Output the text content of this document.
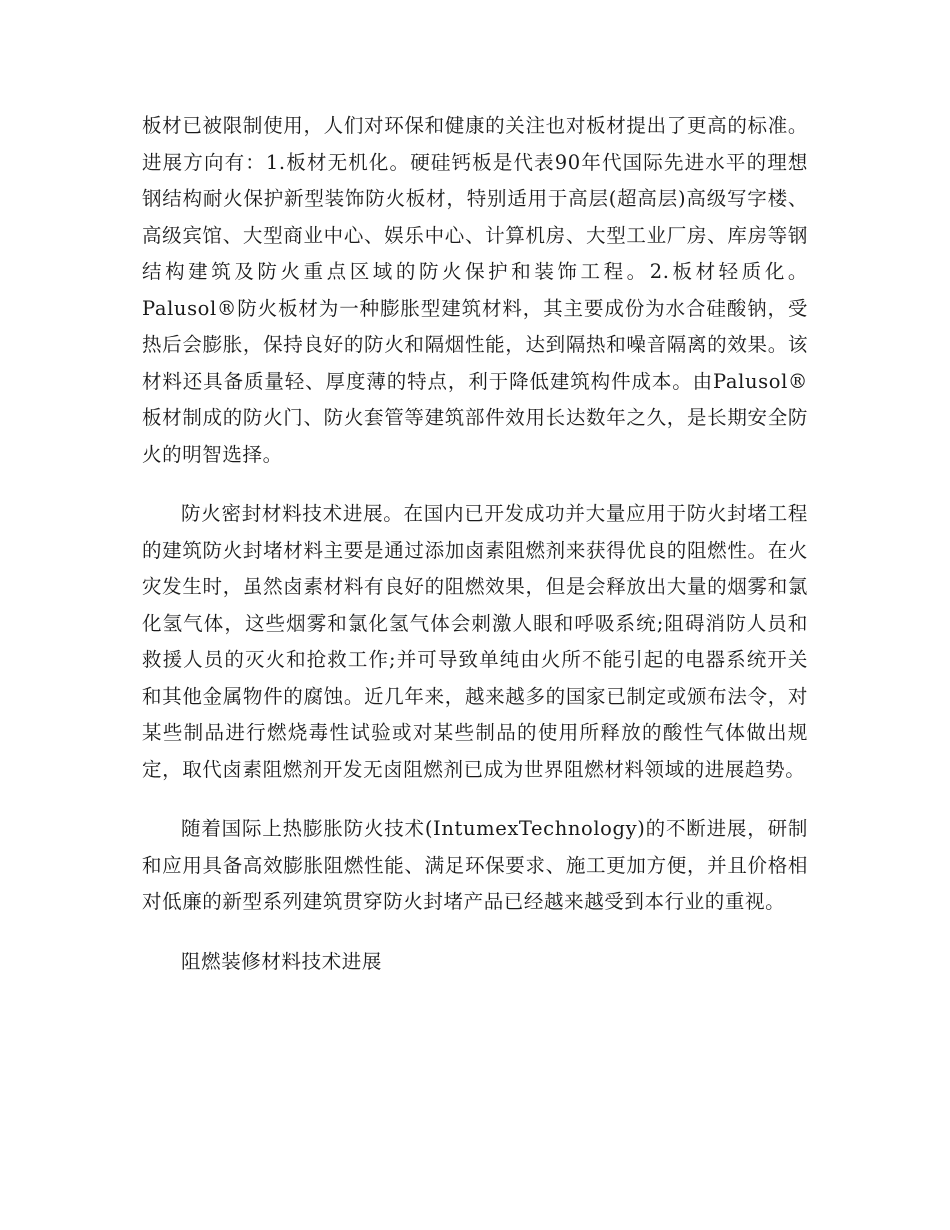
板材已被限制使用，人们对环保和健康的关注也对板材提出了更高的标准。进展方向有：1.板材无机化。硬硅钙板是代表90年代国际先进水平的理想钢结构耐火保护新型装饰防火板材，特别适用于高层(超高层)高级写字楼、高级宾馆、大型商业中心、娱乐中心、计算机房、大型工业厂房、库房等钢结构建筑及防火重点区域的防火保护和装饰工程。2.板材轻质化。Palusol®防火板材为一种膨胀型建筑材料，其主要成份为水合硅酸钠，受热后会膨胀，保持良好的防火和隔烟性能，达到隔热和噪音隔离的效果。该材料还具备质量轻、厚度薄的特点，利于降低建筑构件成本。由Palusol®板材制成的防火门、防火套管等建筑部件效用长达数年之久，是长期安全防火的明智选择。

防火密封材料技术进展。在国内已开发成功并大量应用于防火封堵工程的建筑防火封堵材料主要是通过添加卤素阻燃剂来获得优良的阻燃性。在火灾发生时，虽然卤素材料有良好的阻燃效果，但是会释放出大量的烟雾和氯化氢气体，这些烟雾和氯化氢气体会刺激人眼和呼吸系统;阻碍消防人员和救援人员的灭火和抢救工作;并可导致单纯由火所不能引起的电器系统开关和其他金属物件的腐蚀。近几年来，越来越多的国家已制定或颁布法令，对某些制品进行燃烧毒性试验或对某些制品的使用所释放的酸性气体做出规定，取代卤素阻燃剂开发无卤阻燃剂已成为世界阻燃材料领域的进展趋势。

随着国际上热膨胀防火技术(IntumexTechnology)的不断进展，研制和应用具备高效膨胀阻燃性能、满足环保要求、施工更加方便，并且价格相对低廉的新型系列建筑贯穿防火封堵产品已经越来越受到本行业的重视。

阻燃装修材料技术进展
